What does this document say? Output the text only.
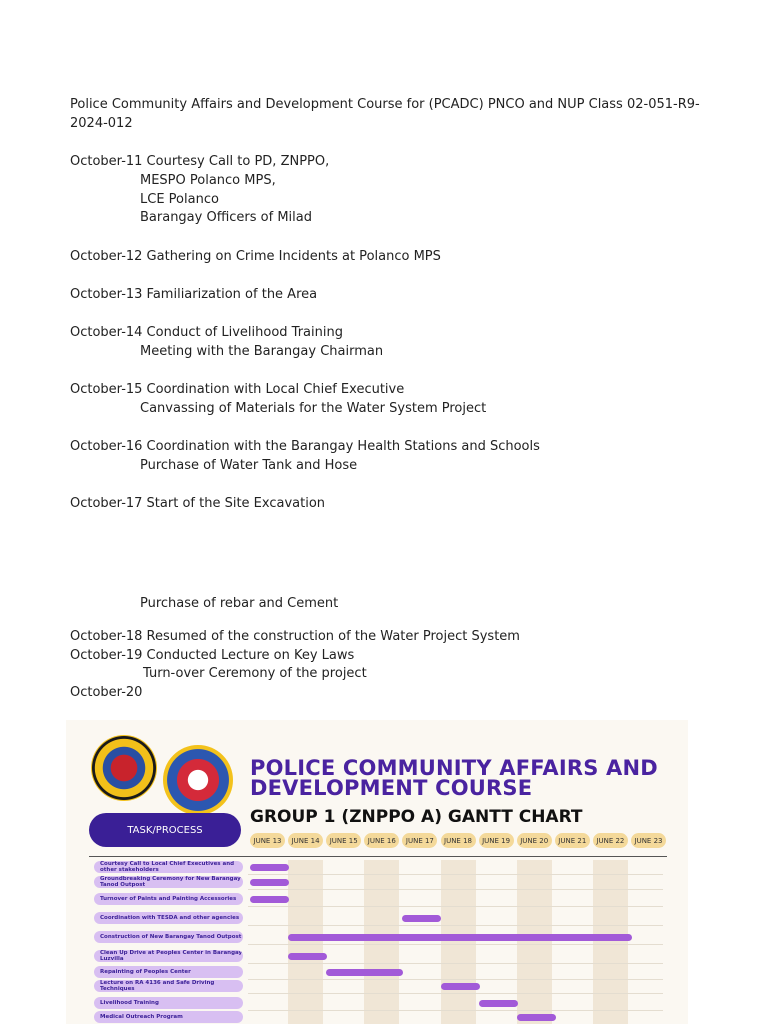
Police Community Affairs and Development Course for (PCADC) PNCO and NUP Class 02-051-R9-
2024-012
October-11 Courtesy Call to PD, ZNPPO,
MESPO Polanco MPS,
LCE Polanco
Barangay Officers of Milad
October-12 Gathering on Crime Incidents at Polanco MPS
October-13 Familiarization of the Area
October-14 Conduct of Livelihood Training
Meeting with the Barangay Chairman
October-15 Coordination with Local Chief Executive
Canvassing of Materials for the Water System Project
October-16 Coordination with the Barangay Health Stations and Schools
Purchase of Water Tank and Hose
October-17 Start of the Site Excavation
Purchase of rebar and Cement
October-18 Resumed of the construction of the Water Project System
October-19 Conducted Lecture on Key Laws
Turn-over Ceremony of the project
October-20
POLICE COMMUNITY AFFAIRS AND DEVELOPMENT COURSE
GROUP 1 (ZNPPO A) GANTT CHART
TASK/PROCESS
JUNE 13	JUNE 14	JUNE 15	JUNE 16	JUNE 17	JUNE 18	JUNE 19	JUNE 20	JUNE 21	JUNE 22	JUNE 23
Courtesy Call to Local Chief Executives and other stakeholders
Groundbreaking Ceremony for New Barangay Tanod Outpost
Turnover of Paints and Painting Accessories
Coordination with TESDA and other agencies
Construction of New Barangay Tanod Outpost
Clean Up Drive at Peoples Center in Barangay Luzvilla
Repainting of Peoples Center
Lecture on RA 4136 and Safe Driving Techniques
Livelihood Training
Medical Outreach Program
